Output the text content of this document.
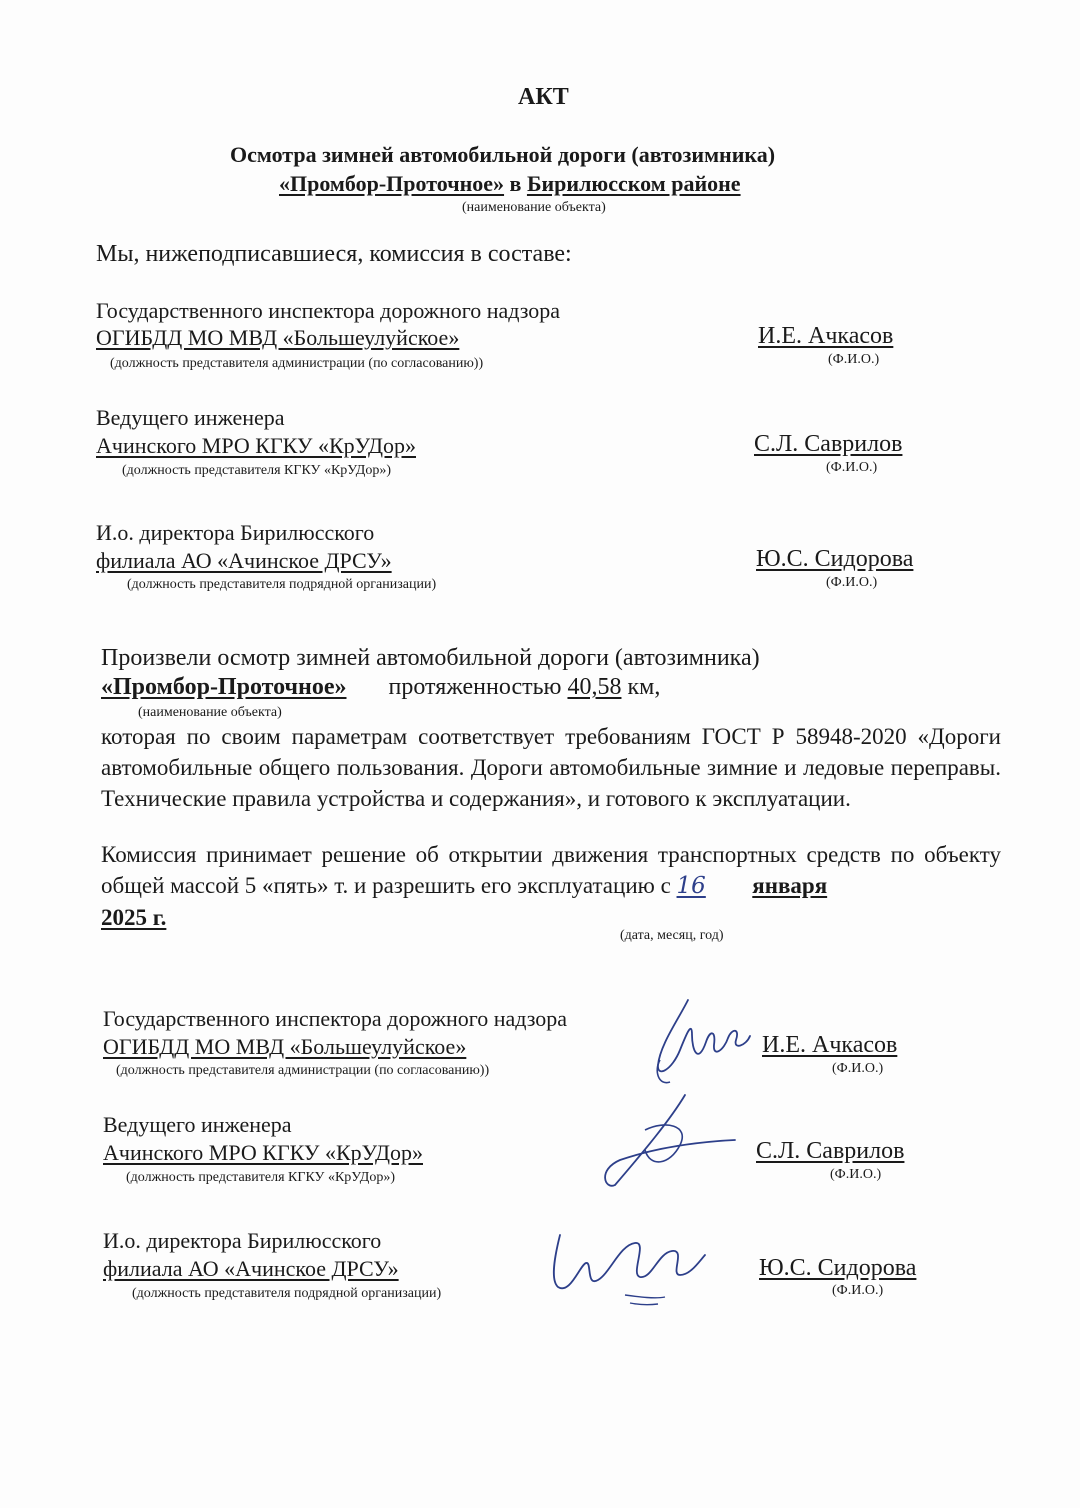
АКТ
Осмотра зимней автомобильной дороги (автозимника)
«Промбор-Проточное» в Бирилюсском районе
(наименование объекта)
Мы, нижеподписавшиеся, комиссия в составе:
Государственного инспектора дорожного надзора
ОГИБДД МО МВД «Большеулуйское»
(должность представителя администрации (по согласованию))
И.Е. Ачкасов
(Ф.И.О.)
Ведущего инженера
Ачинского МРО КГКУ «КрУДор»
(должность представителя КГКУ «КрУДор»)
С.Л. Саврилов
(Ф.И.О.)
И.о. директора Бирилюсского
филиала АО «Ачинское ДРСУ»
(должность представителя подрядной организации)
Ю.С. Сидорова
(Ф.И.О.)
Произвели осмотр зимней автомобильной дороги (автозимника)
«Промбор-Проточное» протяженностью 40,58 км,
(наименование объекта)
которая по своим параметрам соответствует требованиям ГОСТ Р 58948-2020 «Дороги автомобильные общего пользования. Дороги автомобильные зимние и ледовые переправы. Технические правила устройства и содержания», и готового к эксплуатации.
Комиссия принимает решение об открытии движения транспортных средств по объекту общей массой 5 «пять» т. и разрешить его эксплуатацию с 16 января
2025 г.
(дата, месяц, год)
Государственного инспектора дорожного надзора
ОГИБДД МО МВД «Большеулуйское»
(должность представителя администрации (по согласованию))
И.Е. Ачкасов
(Ф.И.О.)
Ведущего инженера
Ачинского МРО КГКУ «КрУДор»
(должность представителя КГКУ «КрУДор»)
С.Л. Саврилов
(Ф.И.О.)
И.о. директора Бирилюсского
филиала АО «Ачинское ДРСУ»
(должность представителя подрядной организации)
Ю.С. Сидорова
(Ф.И.О.)
